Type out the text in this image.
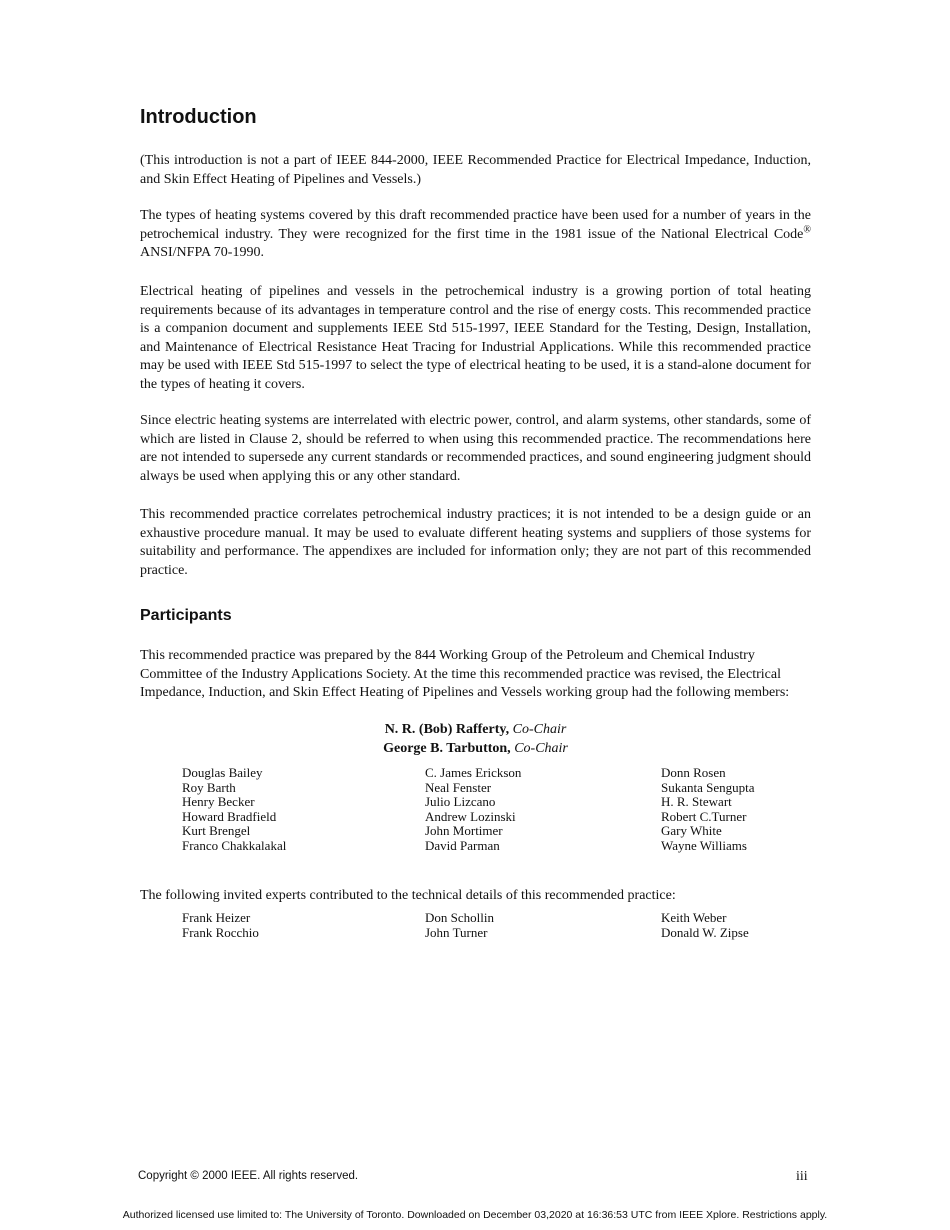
Introduction

(This introduction is not a part of IEEE 844-2000, IEEE Recommended Practice for Electrical Impedance, Induction, and Skin Effect Heating of Pipelines and Vessels.)

The types of heating systems covered by this draft recommended practice have been used for a number of years in the petrochemical industry. They were recognized for the first time in the 1981 issue of the National Electrical Code® ANSI/NFPA 70-1990.

Electrical heating of pipelines and vessels in the petrochemical industry is a growing portion of total heating requirements because of its advantages in temperature control and the rise of energy costs. This recommended practice is a companion document and supplements IEEE Std 515-1997, IEEE Standard for the Testing, Design, Installation, and Maintenance of Electrical Resistance Heat Tracing for Industrial Applications. While this recommended practice may be used with IEEE Std 515-1997 to select the type of electrical heating to be used, it is a stand-alone document for the types of heating it covers.

Since electric heating systems are interrelated with electric power, control, and alarm systems, other standards, some of which are listed in Clause 2, should be referred to when using this recommended practice. The recommendations here are not intended to supersede any current standards or recommended practices, and sound engineering judgment should always be used when applying this or any other standard.

This recommended practice correlates petrochemical industry practices; it is not intended to be a design guide or an exhaustive procedure manual. It may be used to evaluate different heating systems and suppliers of those systems for suitability and performance. The appendixes are included for information only; they are not part of this recommended practice.

Participants

This recommended practice was prepared by the 844 Working Group of the Petroleum and Chemical Industry Committee of the Industry Applications Society. At the time this recommended practice was revised, the Electrical Impedance, Induction, and Skin Effect Heating of Pipelines and Vessels working group had the following members:

N. R. (Bob) Rafferty, Co-Chair
George B. Tarbutton, Co-Chair
Douglas Bailey
Roy Barth
Henry Becker
Howard Bradfield
Kurt Brengel
Franco Chakkalakal
C. James Erickson
Neal Fenster
Julio Lizcano
Andrew Lozinski
John Mortimer
David Parman
Donn Rosen
Sukanta Sengupta
H. R. Stewart
Robert C.Turner
Gary White
Wayne Williams

The following invited experts contributed to the technical details of this recommended practice:

Frank Heizer
Frank Rocchio
Don Schollin
John Turner
Keith Weber
Donald W. Zipse
Copyright © 2000 IEEE. All rights reserved.	iii
Authorized licensed use limited to: The University of Toronto. Downloaded on December 03,2020 at 16:36:53 UTC from IEEE Xplore. Restrictions apply.
